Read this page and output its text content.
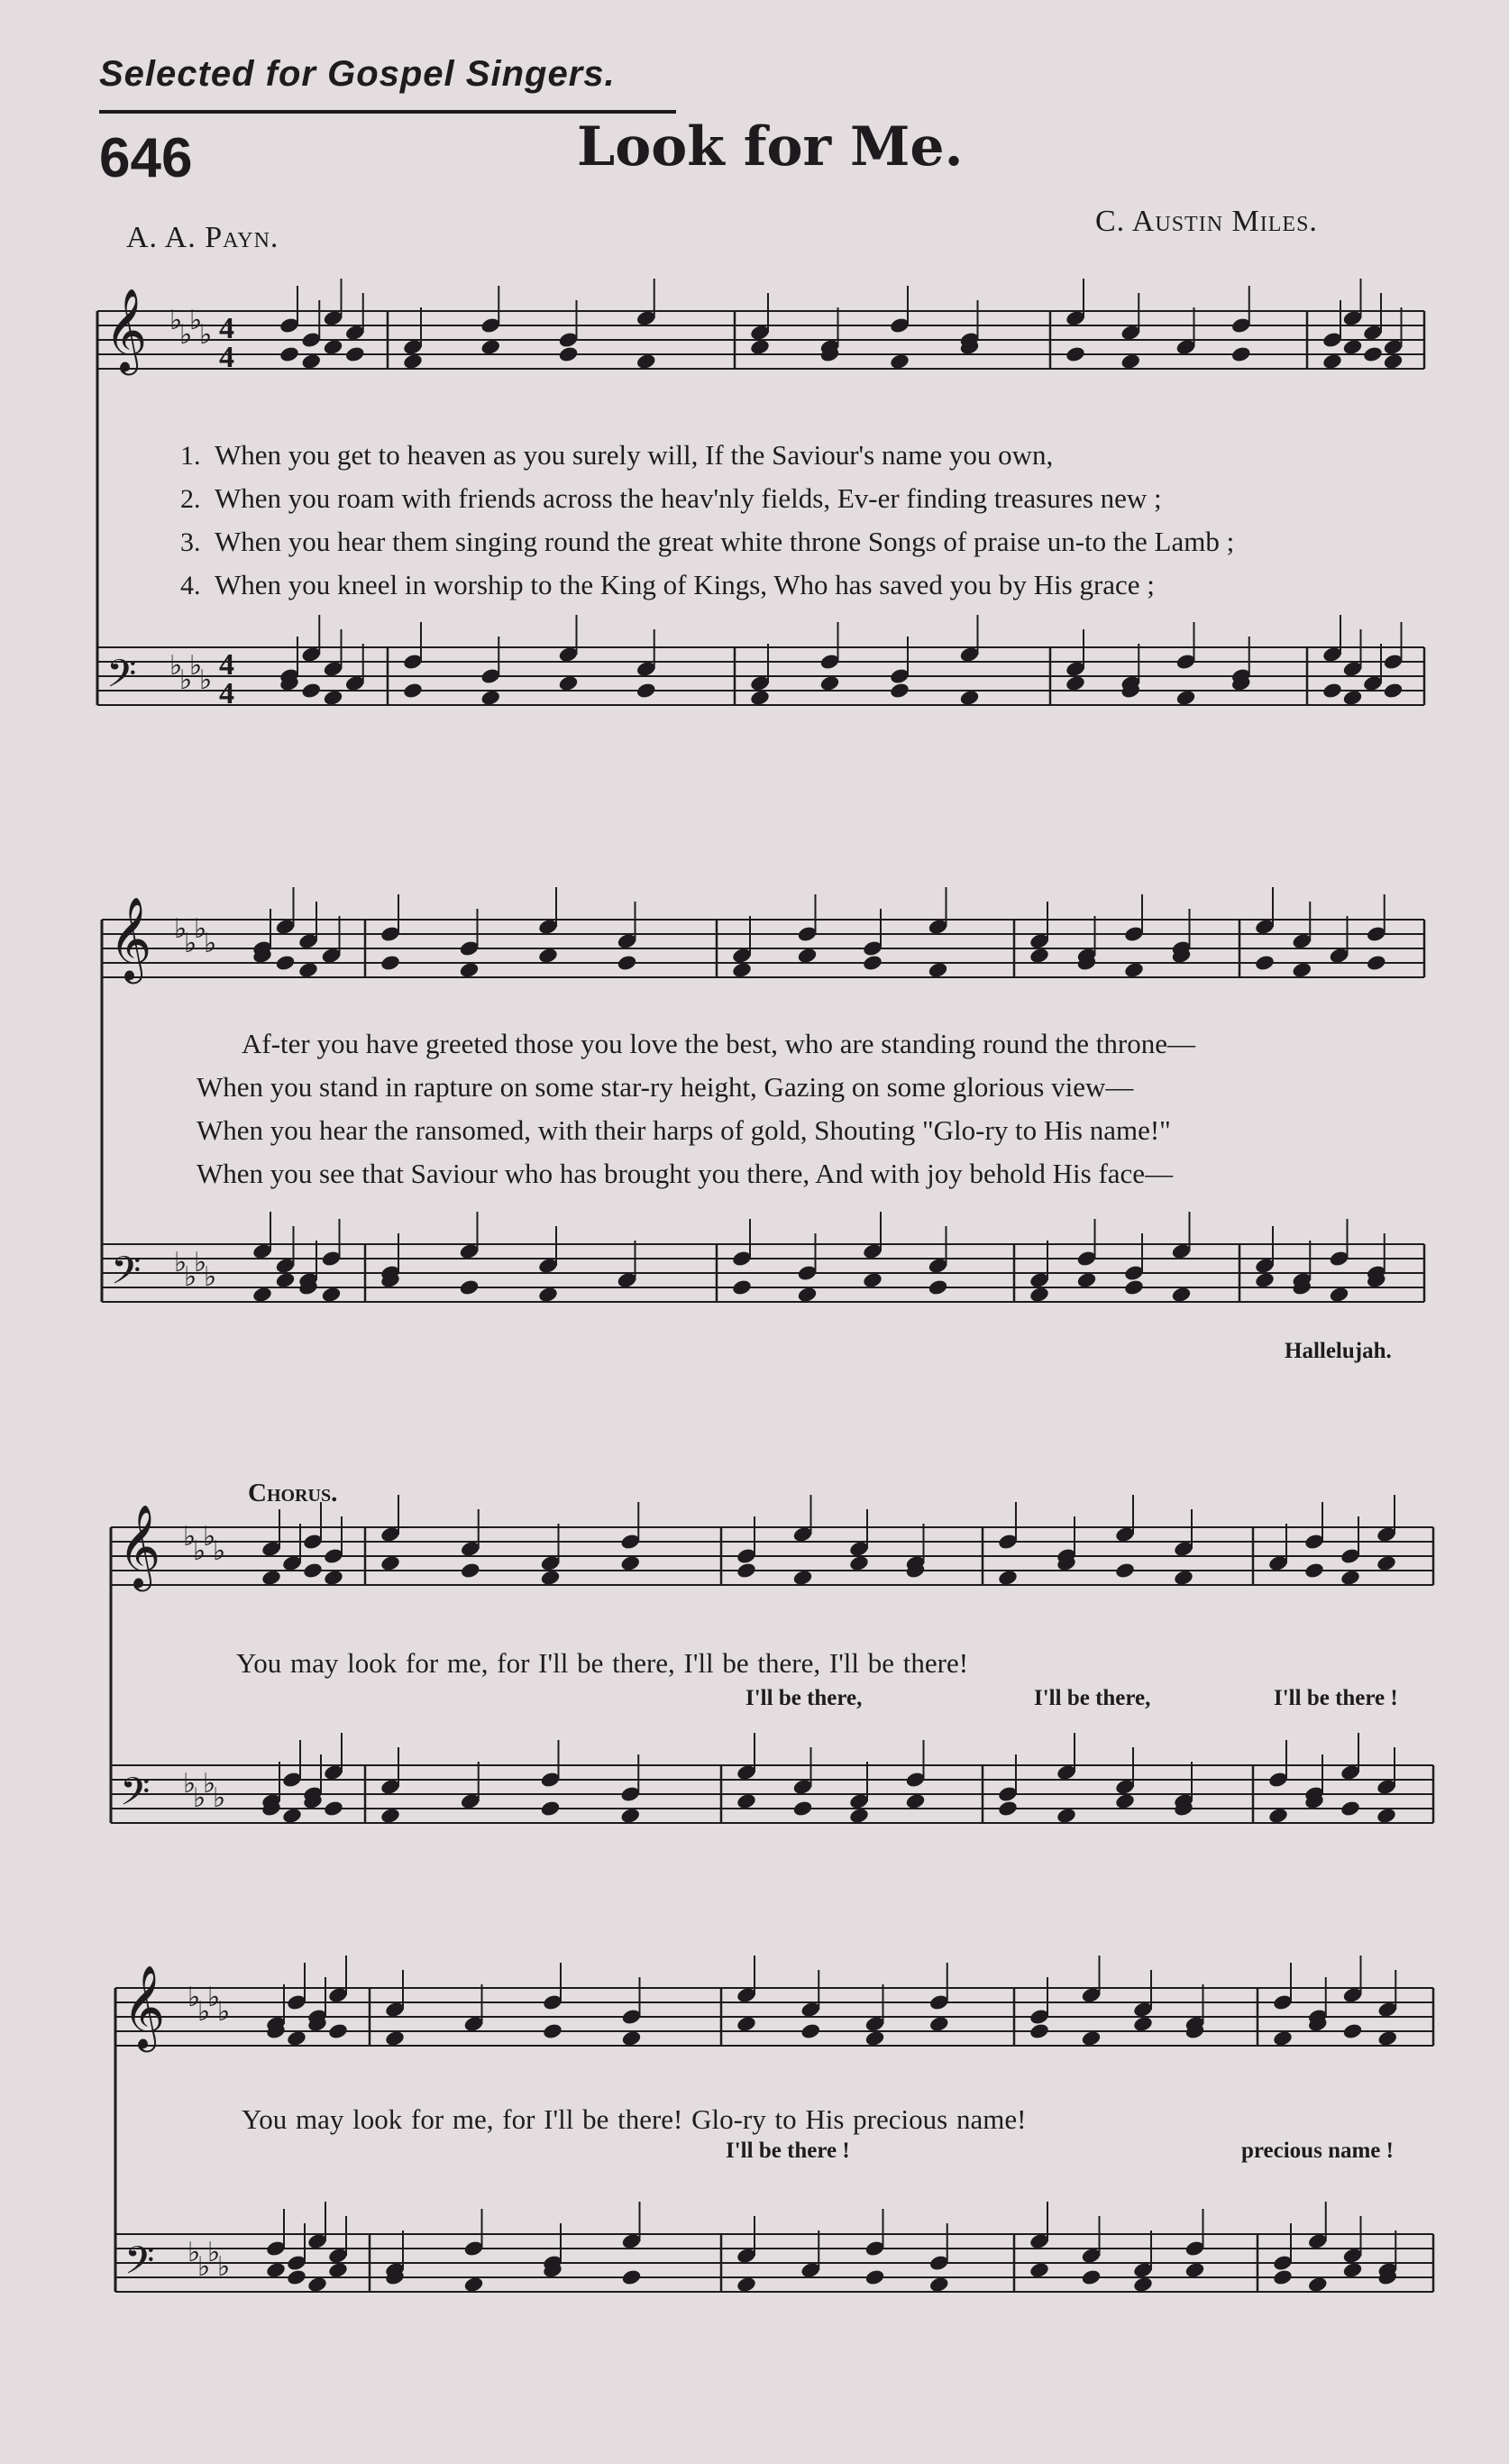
Selected for Gospel Singers.
646	Look for Me.
A. A. Payn.	C. Austin Miles.
𝄞
𝄢
♭
♭
♭
♭
♭
♭
♭
♭
4
4
4
4
𝄞
𝄢
♭
♭
♭
♭
♭
♭
♭
♭
𝄞
𝄢
♭
♭
♭
♭
♭
♭
♭
♭
𝄞
𝄢
♭
♭
♭
♭
♭
♭
♭
♭
1. When you get to heaven as you surely will, If the Saviour's name you own,
2. When you roam with friends across the heav'nly fields, Ev-er finding treasures new ;
3. When you hear them singing round the great white throne Songs of praise un-to the Lamb ;
4. When you kneel in worship to the King of Kings, Who has saved you by His grace ;
Af-ter you have greeted those you love the best, who are standing round the throne—
When you stand in rapture on some star-ry height, Gazing on some glorious view—
When you hear the ransomed, with their harps of gold, Shouting "Glo-ry to His name!"
When you see that Saviour who has brought you there, And with joy behold His face—
Hallelujah.
Chorus.
You may look for me, for I'll be there, I'll be there, I'll be there!
I'll be there,	I'll be there,	I'll be there !
You may look for me, for I'll be there! Glo-ry to His precious name!
I'll be there !	precious name !
